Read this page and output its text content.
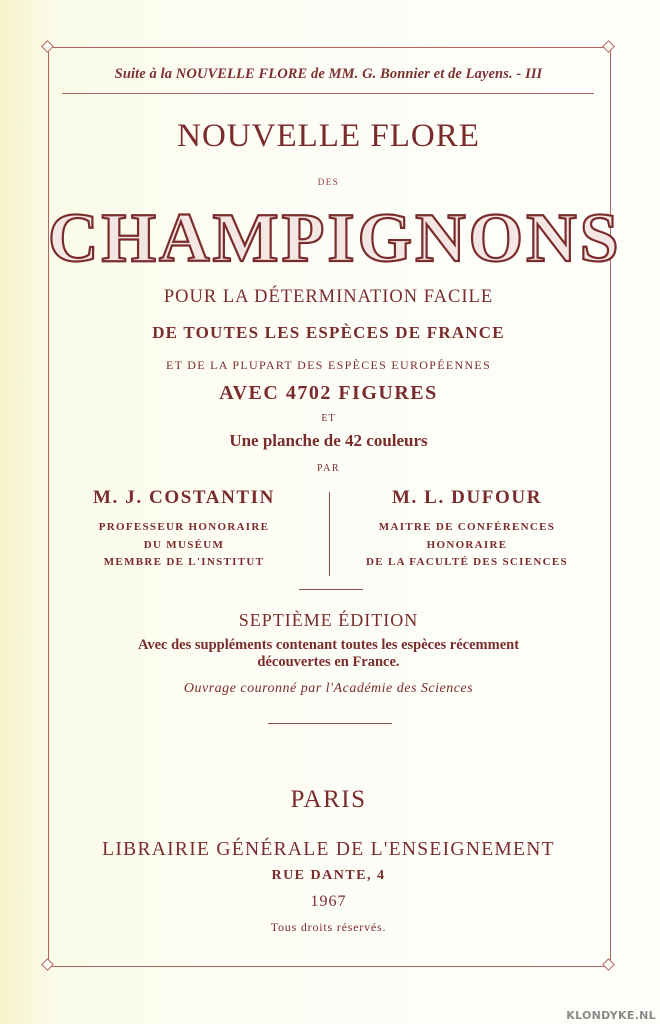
Suite à la NOUVELLE FLORE de MM. G. Bonnier et de Layens. - III

NOUVELLE FLORE

DES

CHAMPIGNONS

POUR LA DÉTERMINATION FACILE

DE TOUTES LES ESPÈCES DE FRANCE

ET DE LA PLUPART DES ESPÈCES EUROPÉENNES

AVEC 4702 FIGURES

ET

Une planche de 42 couleurs

PAR

M. J. COSTANTIN
PROFESSEUR HONORAIRE
DU MUSÉUM
MEMBRE DE L'INSTITUT
M. L. DUFOUR
MAITRE DE CONFÉRENCES
HONORAIRE
DE LA FACULTÉ DES SCIENCES

SEPTIÈME ÉDITION

Avec des suppléments contenant toutes les espèces récemment

découvertes en France.

Ouvrage couronné par l'Académie des Sciences

PARIS

LIBRAIRIE GÉNÉRALE DE L'ENSEIGNEMENT

RUE DANTE, 4

1967

Tous droits réservés.

KLONDYKE.NL
